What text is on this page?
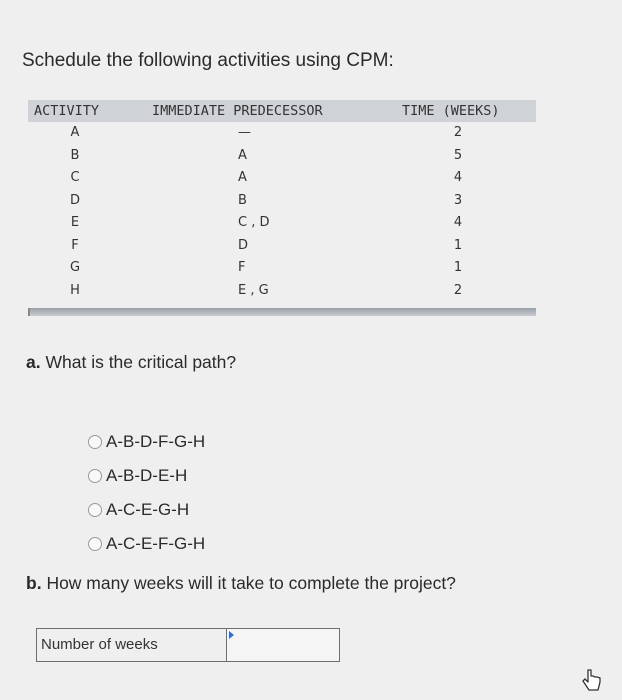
Schedule the following activities using CPM:
ACTIVITY	IMMEDIATE PREDECESSOR	TIME (WEEKS)
A	—	2
B	A	5
C	A	4
D	B	3
E	C , D	4
F	D	1
G	F	1
H	E , G	2
a. What is the critical path?
A-B-D-F-G-H
A-B-D-E-H
A-C-E-G-H
A-C-E-F-G-H
b. How many weeks will it take to complete the project?
Number of weeks
